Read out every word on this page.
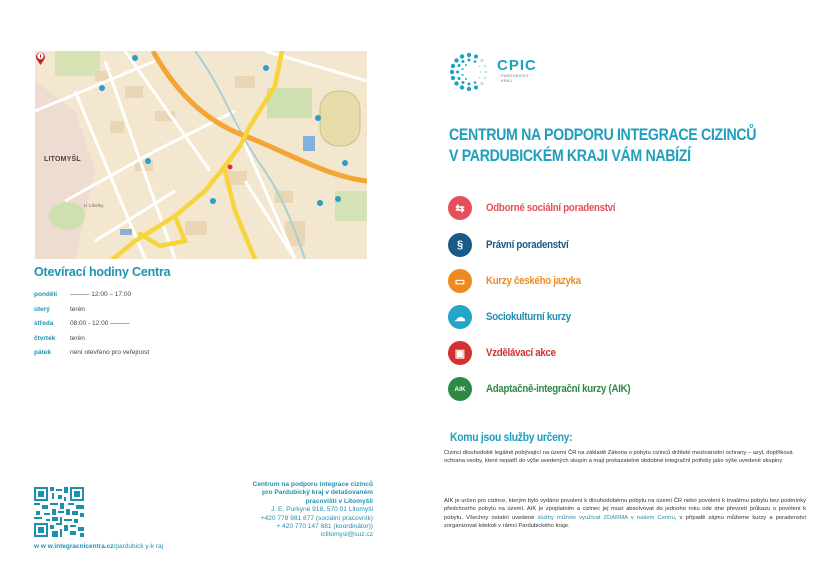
LITOMYŠL
U Cihelny
Otevírací hodiny Centra
pondělí	——— 12:00 – 17:00
úterý	terén
středa	08:00 - 12:00 ———
čtvrtek	terén
pátek	není otevřeno pro veřejnost
w w w.integracnicentra.cz/pardubick y-k raj
Centrum na podporu integrace cizinců
pro Pardubický kraj v detašovaném
pracovišti v Litomyšli
J. E. Purkyně 918, 570 01 Litomyšl
+420 778 981 877 (sociální pracovník)
+ 420 770 147 681 (koordinátor))
iclitomysl@suz.cz
CPIC
PARDUBICKÝ
KRAJ
CENTRUM NA PODPORU INTEGRACE CIZINCŮ
V PARDUBICKÉM KRAJI VÁM NABÍZÍ
⇆	Odborné sociální poradenství
§	Právní poradenství
▭	Kurzy českého jazyka
☁	Sociokulturní kurzy
▣	Vzdělávací akce
AIK	Adaptačně-integrační kurzy (AIK)
Komu jsou služby určeny:
Cizinci dlouhodobě legálně pobývající na území ČR na základě Zákona o pobytu cizinců držitelé mezinárodní ochrany – azyl, doplňková ochrana osoby, které nepatří do výše uvedených skupin a mají prokazatelné obdobné integrační potřeby jako výše uvedené skupiny
AIK je určen pro cizince, kterým bylo vydáno povolení k dlouhodobému pobytu na území ČR nebo povolení k trvalému pobytu bez podmínky předchozího pobytu na území. AIK je zpoplatněn a cizinec jej musí absolvovat do jednoho roku ode dne převzetí průkazu o povolení k pobytu. Všechny ostatní uvedené služby můžete využívat ZDARMA v našem Centru, v případě zájmu můžeme kurzy a poradenství zorganizovat kdekoli v rámci Pardubického kraje.
